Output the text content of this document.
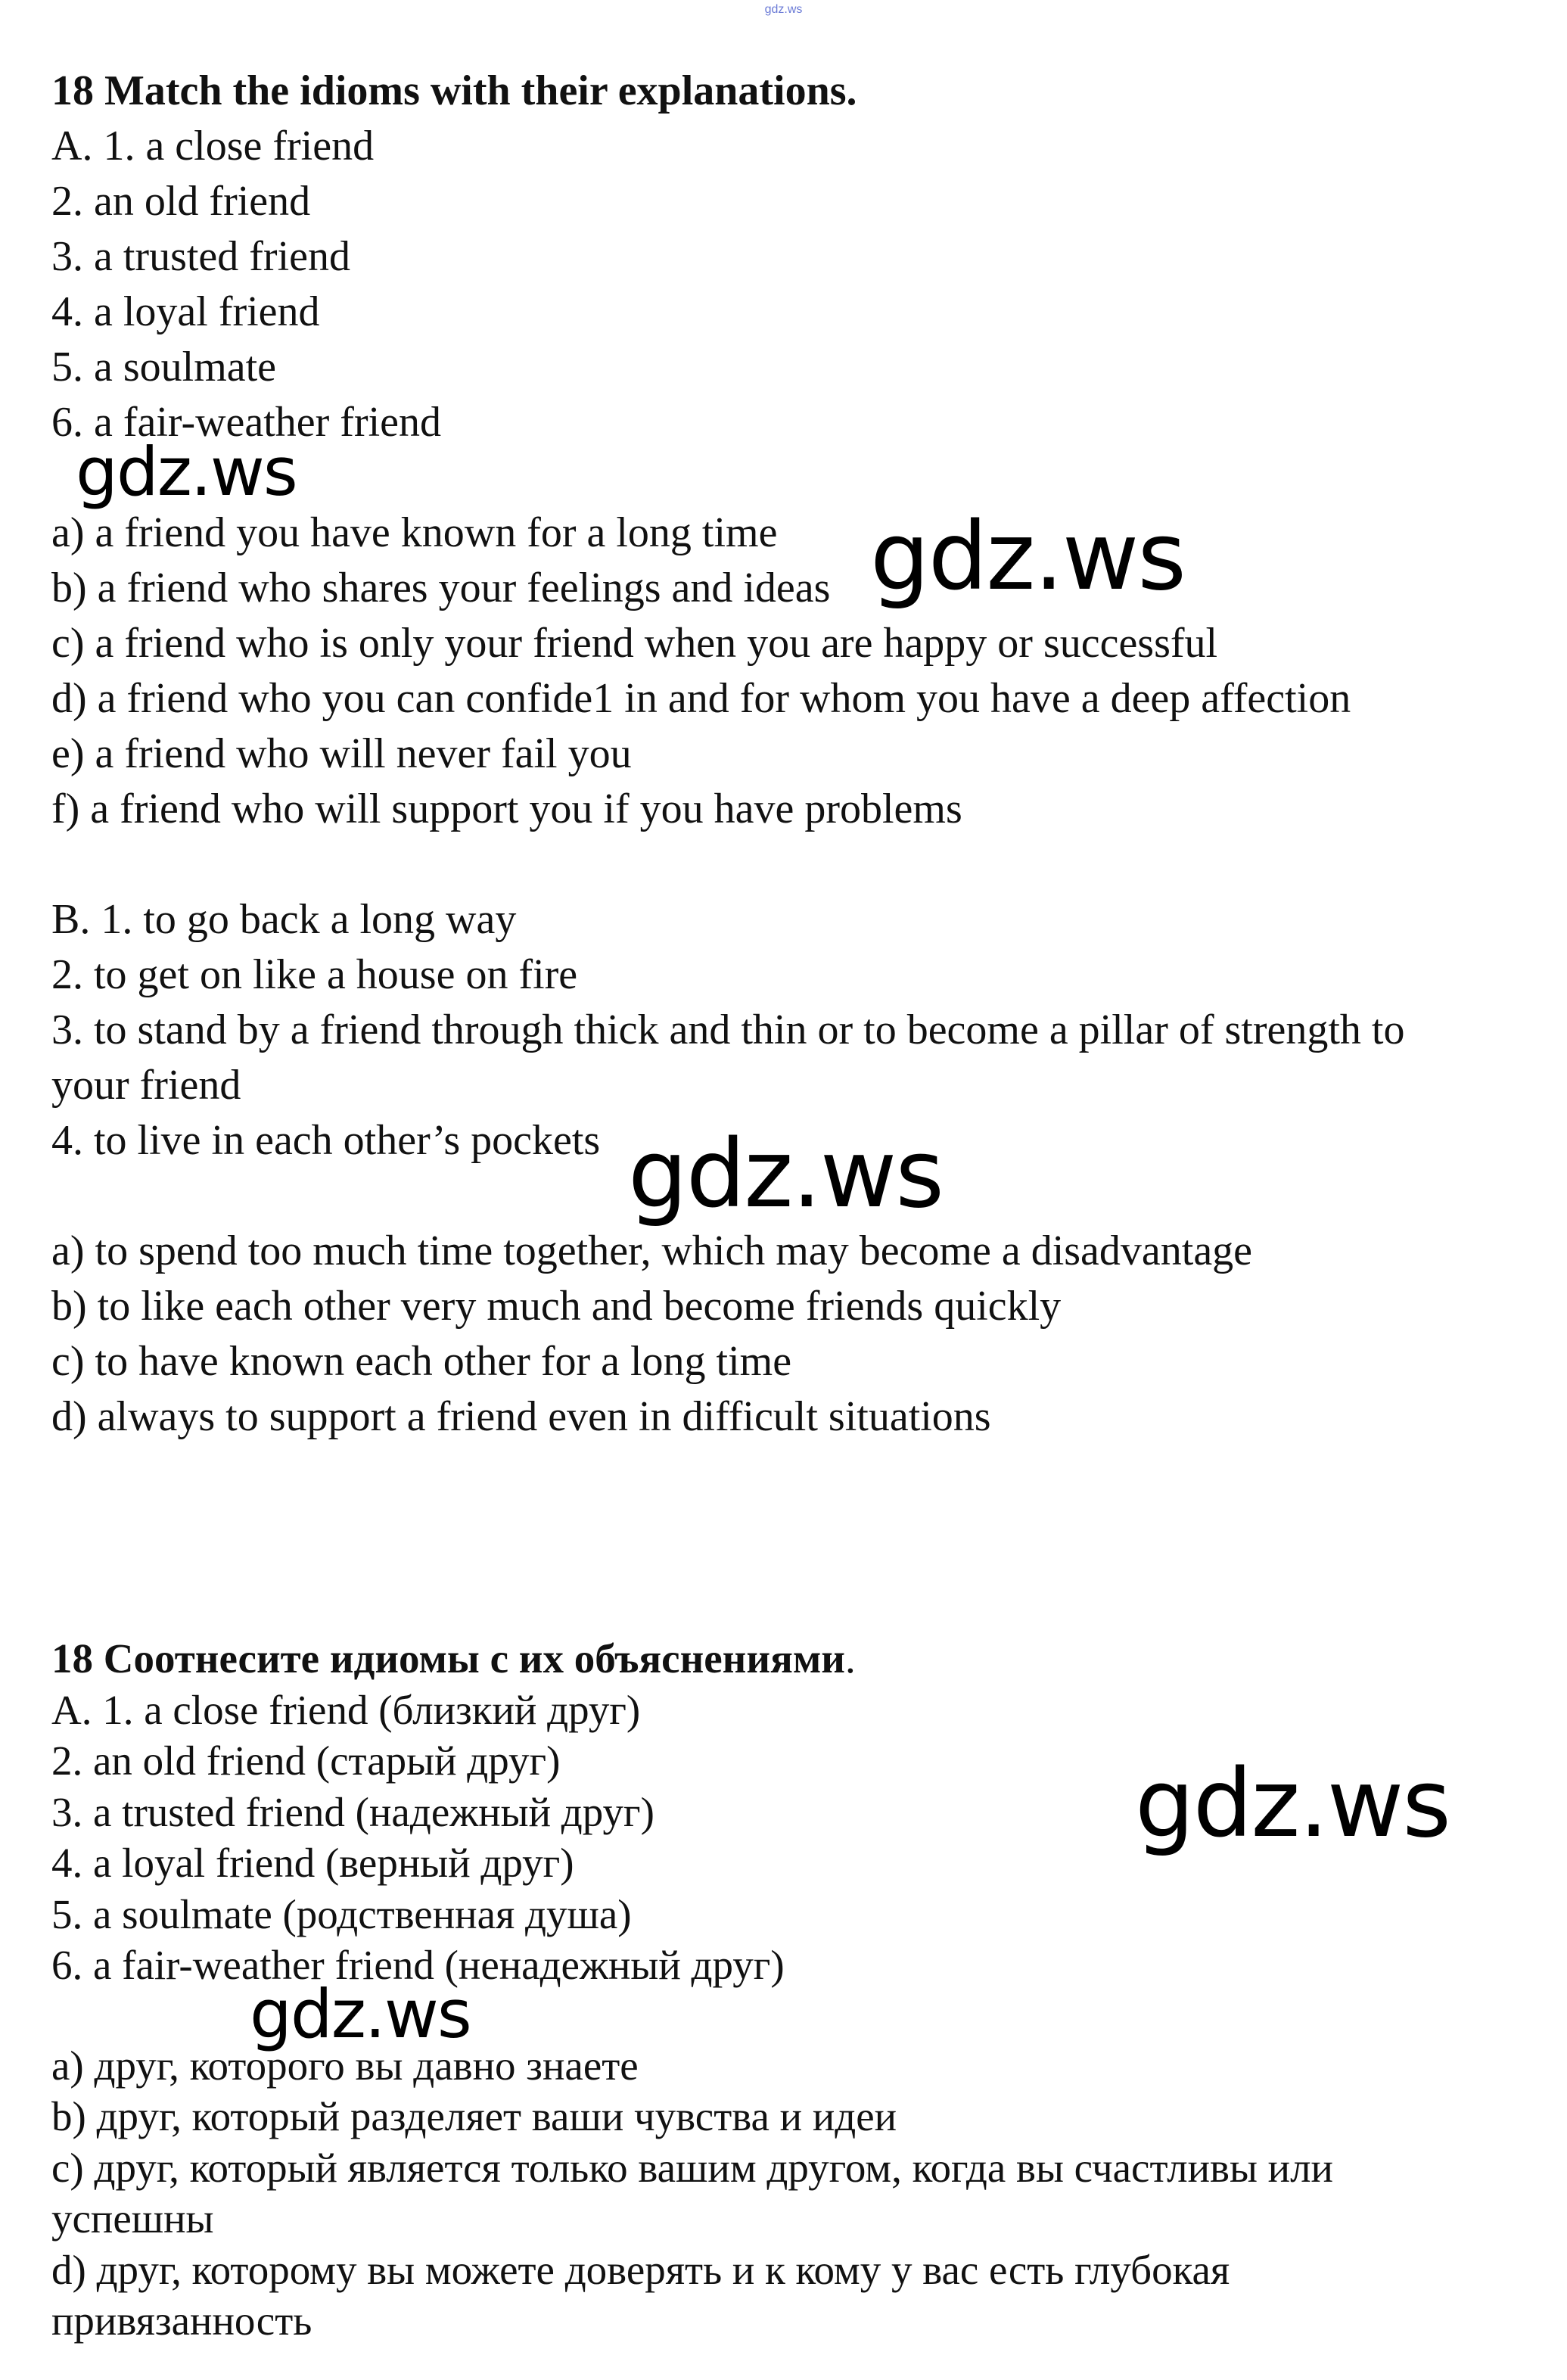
gdz.ws
18 Match the idioms with their explanations.
A. 1. a close friend
2. an old friend
3. a trusted friend
4. a loyal friend
5. a soulmate
6. a fair-weather friend
a) a friend you have known for a long time
b) a friend who shares your feelings and ideas
c) a friend who is only your friend when you are happy or successful
d) a friend who you can confide1 in and for whom you have a deep affection
e) a friend who will never fail you
f) a friend who will support you if you have problems
B. 1. to go back a long way
2. to get on like a house on fire
3. to stand by a friend through thick and thin or to become a pillar of strength to
your friend
4. to live in each other’s pockets
a) to spend too much time together, which may become a disadvantage
b) to like each other very much and become friends quickly
c) to have known each other for a long time
d) always to support a friend even in difficult situations
18 Соотнесите идиомы с их объяснениями.
A. 1. a close friend (близкий друг)
2. an old friend (старый друг)
3. a trusted friend (надежный друг)
4. a loyal friend (верный друг)
5. a soulmate (родственная душа)
6. a fair-weather friend (ненадежный друг)
a) друг, которого вы давно знаете
b) друг, который разделяет ваши чувства и идеи
c) друг, который является только вашим другом, когда вы счастливы или
успешны
d) друг, которому вы можете доверять и к кому у вас есть глубокая
привязанность
gdz.ws
gdz.ws
gdz.ws
gdz.ws
gdz.ws
